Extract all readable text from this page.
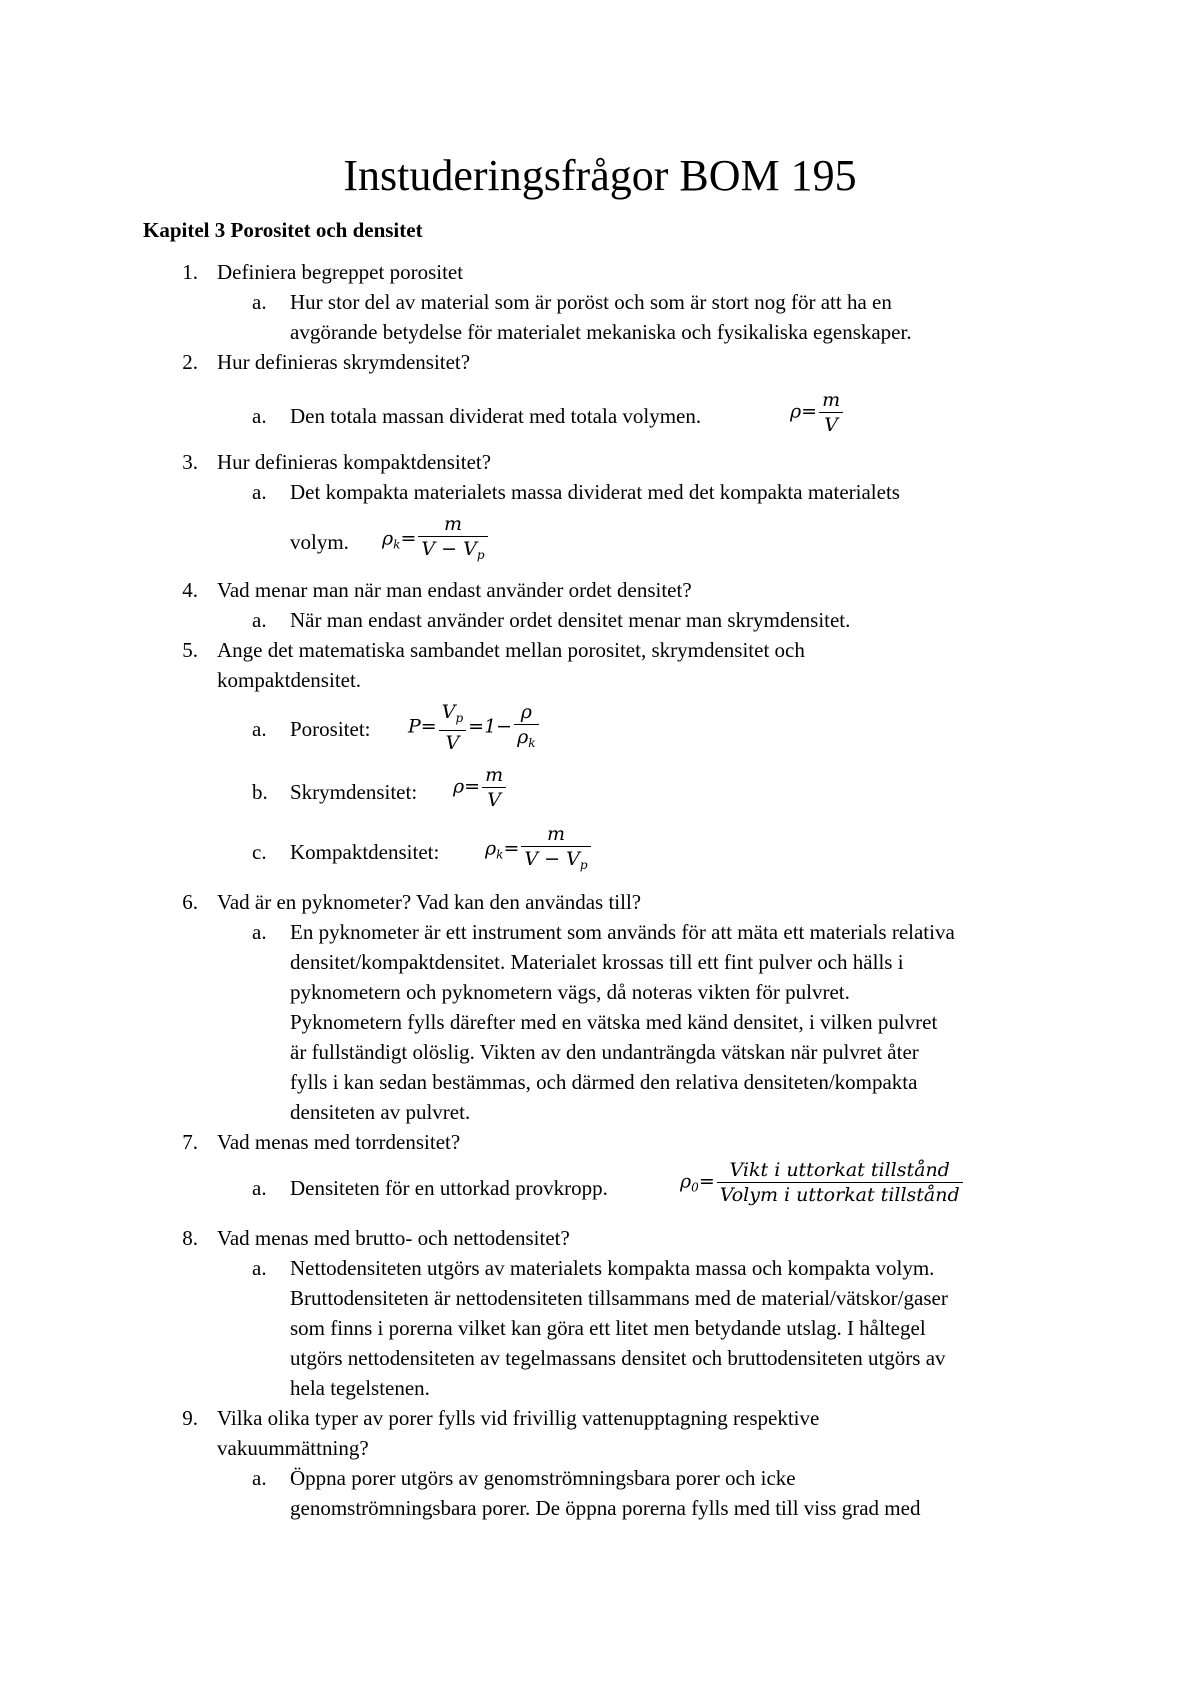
Instuderingsfrågor BOM 195
Kapitel 3 Porositet och densitet
1. Definiera begreppet porositet
a. Hur stor del av material som är poröst och som är stort nog för att ha en
avgörande betydelse för materialet mekaniska och fysikaliska egenskaper.
2. Hur definieras skrymdensitet?
a. Den totala massan dividerat med totala volymen.	$\rho= \frac{m}{V}$
3. Hur definieras kompaktdensitet?
a. Det kompakta materialets massa dividerat med det kompakta materialets
volym. $\rho_k= \frac{m}{V - V_p}$
4. Vad menar man när man endast använder ordet densitet?
a. När man endast använder ordet densitet menar man skrymdensitet.
5. Ange det matematiska sambandet mellan porositet, skrymdensitet och
kompaktdensitet.
a. Porositet: $P= \frac{V_p}{V} =1- \frac{\rho}{\rho_k}$
b. Skrymdensitet: $\rho= \frac{m}{V}$
c. Kompaktdensitet: $\rho_k= \frac{m}{V - V_p}$
6. Vad är en pyknometer? Vad kan den användas till?
a. En pyknometer är ett instrument som används för att mäta ett materials relativa
densitet/kompaktdensitet. Materialet krossas till ett fint pulver och hälls i
pyknometern och pyknometern vägs, då noteras vikten för pulvret.
Pyknometern fylls därefter med en vätska med känd densitet, i vilken pulvret
är fullständigt olöslig. Vikten av den undanträngda vätskan när pulvret åter
fylls i kan sedan bestämmas, och därmed den relativa densiteten/kompakta
densiteten av pulvret.
7. Vad menas med torrdensitet?
a. Densiteten för en uttorkad provkropp.	$\rho_0= \frac{\text{Vikt i uttorkat tillstånd}}{\text{Volym i uttorkat tillstånd}}$
8. Vad menas med brutto- och nettodensitet?
a. Nettodensiteten utgörs av materialets kompakta massa och kompakta volym.
Bruttodensiteten är nettodensiteten tillsammans med de material/vätskor/gaser
som finns i porerna vilket kan göra ett litet men betydande utslag. I håltegel
utgörs nettodensiteten av tegelmassans densitet och bruttodensiteten utgörs av
hela tegelstenen.
9. Vilka olika typer av porer fylls vid frivillig vattenupptagning respektive
vakuummättning?
a. Öppna porer utgörs av genomströmningsbara porer och icke
genomströmningsbara porer. De öppna porerna fylls med till viss grad med
